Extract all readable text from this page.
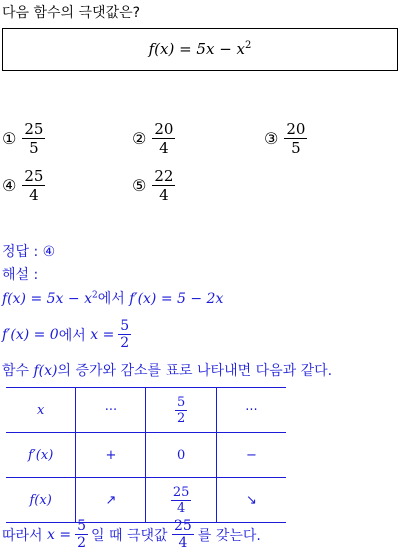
다음 함수의 극댓값은?
$f(x) = 5x - x^2$
① $\frac{25}{5}$	② $\frac{20}{4}$	③ $\frac{20}{5}$
④ $\frac{25}{4}$	⑤ $\frac{22}{4}$
정답 : ④
해설 :
$f(x) = 5x - x^2$에서 f′(x) = 5 − 2x
f′(x) = 0 에서 $x = \frac{5}{2}$
함수 f(x)의 증가와 감소를 표로 나타내면 다음과 같다.
x	···	$\frac{5}{2}$	···
f′(x)	+	0	−
f(x)	↗	$\frac{25}{4}$	↘
따라서 $x = \frac{5}{2}$ 일 때 극댓값 $\frac{25}{4}$ 를 갖는다.
